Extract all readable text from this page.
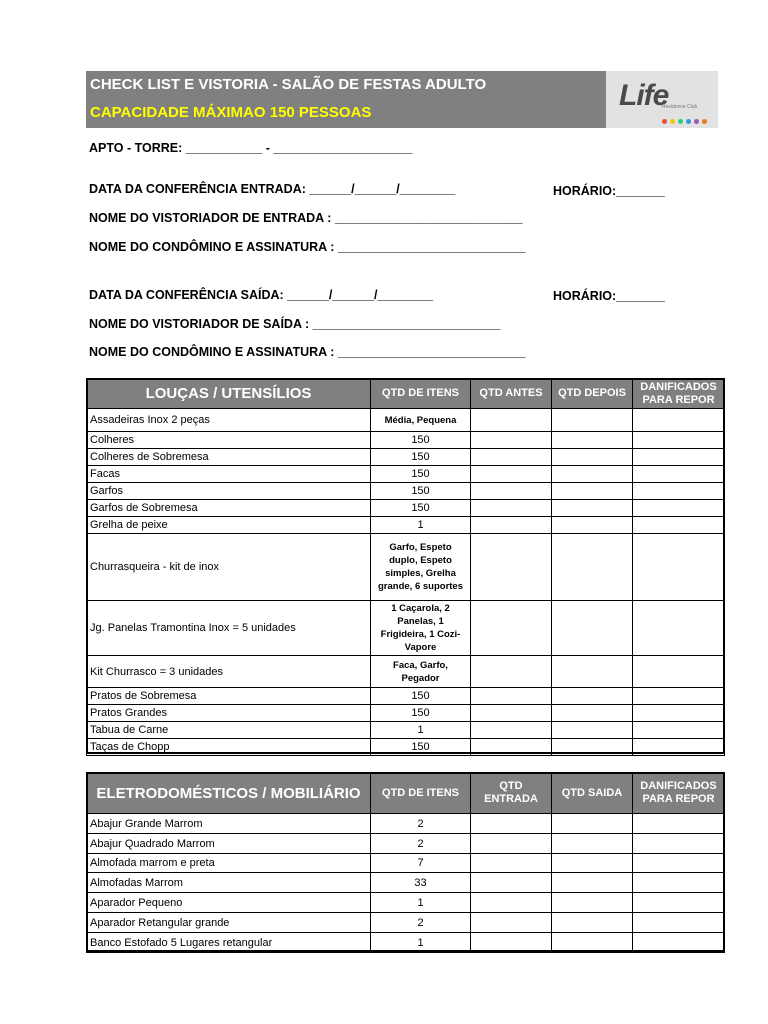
CHECK LIST E VISTORIA - SALÃO DE FESTAS ADULTO
CAPACIDADE MÁXIMAO 150 PESSOAS
Life
Residence Club
APTO - TORRE: ___________ - ____________________
DATA DA CONFERÊNCIA ENTRADA: ______/______/________	HORÁRIO:_______
NOME DO VISTORIADOR DE ENTRADA : ___________________________
NOME DO CONDÔMINO E ASSINATURA : ___________________________
DATA DA CONFERÊNCIA SAÍDA: ______/______/________	HORÁRIO:_______
NOME DO VISTORIADOR DE SAÍDA : ___________________________
NOME DO CONDÔMINO E ASSINATURA : ___________________________
LOUÇAS / UTENSÍLIOS	QTD DE ITENS	QTD ANTES	QTD DEPOIS	DANIFICADOS PARA REPOR
Assadeiras Inox 2 peças	Média, Pequena			
Colheres	150			
Colheres de Sobremesa	150			
Facas	150			
Garfos	150			
Garfos de Sobremesa	150			
Grelha de peixe	1			
Churrasqueira - kit de inox	Garfo, Espeto duplo, Espeto simples, Grelha grande, 6 suportes			
Jg. Panelas Tramontina Inox = 5 unidades	1 Caçarola, 2 Panelas, 1 Frigideira, 1 Cozi-Vapore			
Kit Churrasco = 3 unidades	Faca, Garfo, Pegador			
Pratos de Sobremesa	150			
Pratos Grandes	150			
Tabua de Carne	1			
Taças de Chopp	150			
ELETRODOMÉSTICOS / MOBILIÁRIO	QTD DE ITENS	QTD ENTRADA	QTD SAIDA	DANIFICADOS PARA REPOR
Abajur Grande Marrom	2			
Abajur Quadrado Marrom	2			
Almofada marrom e preta	7			
Almofadas Marrom	33			
Aparador Pequeno	1			
Aparador Retangular grande	2			
Banco Estofado 5 Lugares retangular	1			
